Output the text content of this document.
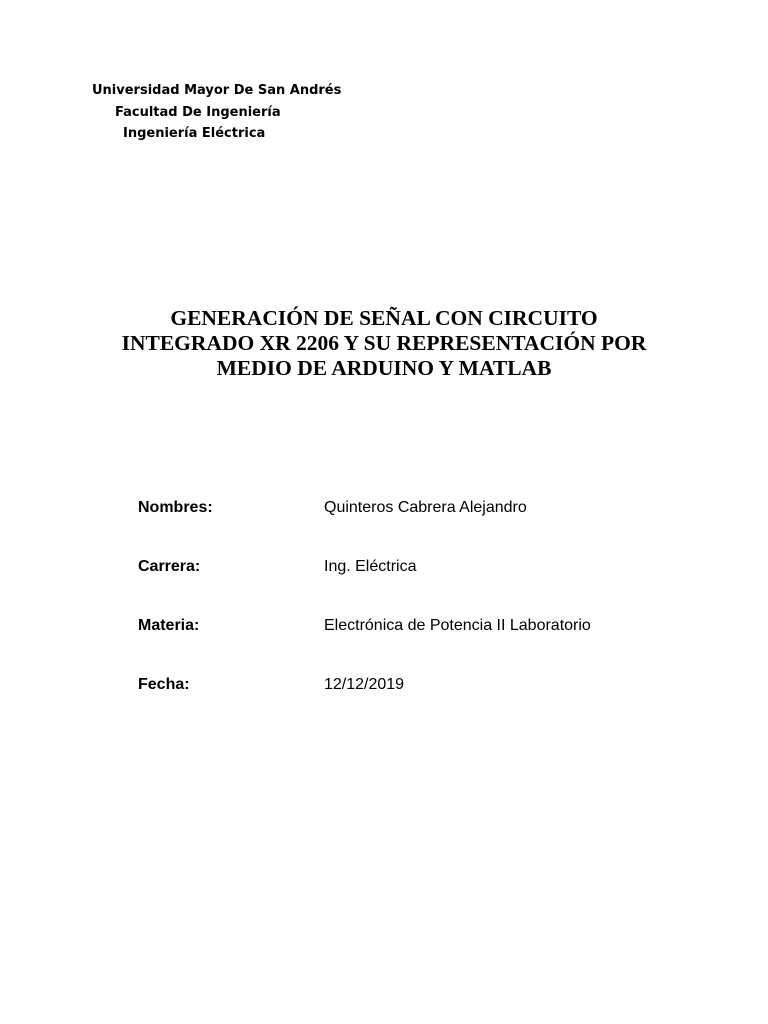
Universidad Mayor De San Andrés
Facultad De Ingeniería
Ingeniería Eléctrica
GENERACIÓN DE SEÑAL CON CIRCUITO
INTEGRADO XR 2206 Y SU REPRESENTACIÓN POR
MEDIO DE ARDUINO Y MATLAB
Nombres:	Quinteros Cabrera Alejandro
Carrera:	Ing. Eléctrica
Materia:	Electrónica de Potencia II Laboratorio
Fecha:	12/12/2019
